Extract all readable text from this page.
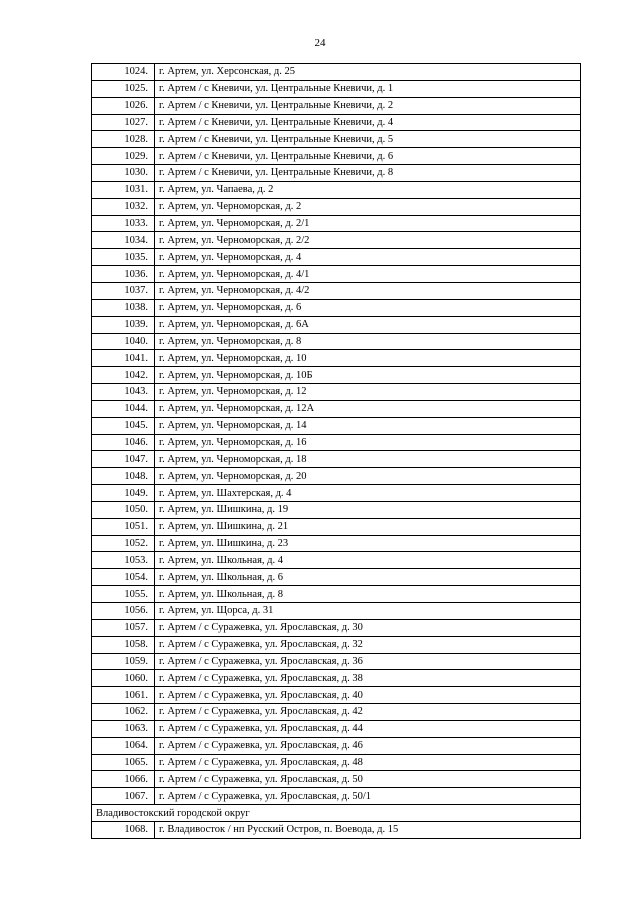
24
1024.	г. Артем, ул. Херсонская, д. 25
1025.	г. Артем / с Кневичи, ул. Центральные Кневичи, д. 1
1026.	г. Артем / с Кневичи, ул. Центральные Кневичи, д. 2
1027.	г. Артем / с Кневичи, ул. Центральные Кневичи, д. 4
1028.	г. Артем / с Кневичи, ул. Центральные Кневичи, д. 5
1029.	г. Артем / с Кневичи, ул. Центральные Кневичи, д. 6
1030.	г. Артем / с Кневичи, ул. Центральные Кневичи, д. 8
1031.	г. Артем, ул. Чапаева, д. 2
1032.	г. Артем, ул. Черноморская, д. 2
1033.	г. Артем, ул. Черноморская, д. 2/1
1034.	г. Артем, ул. Черноморская, д. 2/2
1035.	г. Артем, ул. Черноморская, д. 4
1036.	г. Артем, ул. Черноморская, д. 4/1
1037.	г. Артем, ул. Черноморская, д. 4/2
1038.	г. Артем, ул. Черноморская, д. 6
1039.	г. Артем, ул. Черноморская, д. 6А
1040.	г. Артем, ул. Черноморская, д. 8
1041.	г. Артем, ул. Черноморская, д. 10
1042.	г. Артем, ул. Черноморская, д. 10Б
1043.	г. Артем, ул. Черноморская, д. 12
1044.	г. Артем, ул. Черноморская, д. 12А
1045.	г. Артем, ул. Черноморская, д. 14
1046.	г. Артем, ул. Черноморская, д. 16
1047.	г. Артем, ул. Черноморская, д. 18
1048.	г. Артем, ул. Черноморская, д. 20
1049.	г. Артем, ул. Шахтерская, д. 4
1050.	г. Артем, ул. Шишкина, д. 19
1051.	г. Артем, ул. Шишкина, д. 21
1052.	г. Артем, ул. Шишкина, д. 23
1053.	г. Артем, ул. Школьная, д. 4
1054.	г. Артем, ул. Школьная, д. 6
1055.	г. Артем, ул. Школьная, д. 8
1056.	г. Артем, ул. Щорса, д. 31
1057.	г. Артем / с Суражевка, ул. Ярославская, д. 30
1058.	г. Артем / с Суражевка, ул. Ярославская, д. 32
1059.	г. Артем / с Суражевка, ул. Ярославская, д. 36
1060.	г. Артем / с Суражевка, ул. Ярославская, д. 38
1061.	г. Артем / с Суражевка, ул. Ярославская, д. 40
1062.	г. Артем / с Суражевка, ул. Ярославская, д. 42
1063.	г. Артем / с Суражевка, ул. Ярославская, д. 44
1064.	г. Артем / с Суражевка, ул. Ярославская, д. 46
1065.	г. Артем / с Суражевка, ул. Ярославская, д. 48
1066.	г. Артем / с Суражевка, ул. Ярославская, д. 50
1067.	г. Артем / с Суражевка, ул. Ярославская, д. 50/1
Владивостокский городской округ	
1068.	г. Владивосток / нп Русский Остров, п. Воевода, д. 15
